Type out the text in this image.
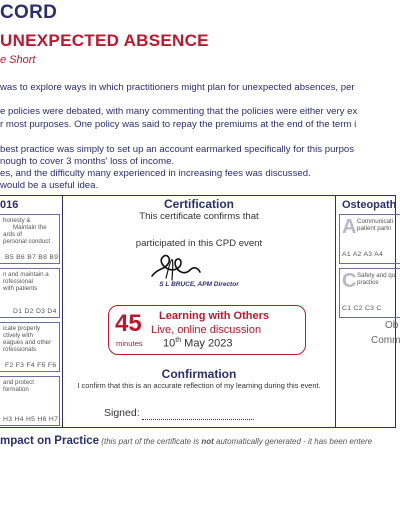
CORD
UNEXPECTED ABSENCE
e Short
was to explore ways in which practitioners might plan for unexpected absences, per
e policies were debated, with many commenting that the policies were either very ex
r most purposes. One policy was said to repay the premiums at the end of the term i
best practice was simply to set up an account earmarked specifically for this purpos
nough to cover 3 months' loss of income.
es, and the difficulty many experienced in increasing fees was discussed.
would be a useful idea.
016
honesty &
Maintain the
ards of
personal conduct
B5 B6 B7 B8 B9
n and maintain a
rofessional
with patients
D1 D2 D3 D4
icate properly
ctively with
eagues and other
rofessionals
F2 F3 F4 F5 F6
and protect
formation
H3 H4 H5 H6 H7
Certification
This certificate confirms that
participated in this CPD event
S L BRUCE, APM Director
45
minutes
Learning with Others
Live, online discussion
10th May 2023
Confirmation
I confirm that this is an accurate reflection of my learning during this event.
Signed:
Osteopath
A Communicati
patient partn
A1 A2 A3 A4
C Safety and qu
practice
C1 C2 C3 C
Ob
Comm
mpact on Practice (this part of the certificate is not automatically generated - it has been entere
